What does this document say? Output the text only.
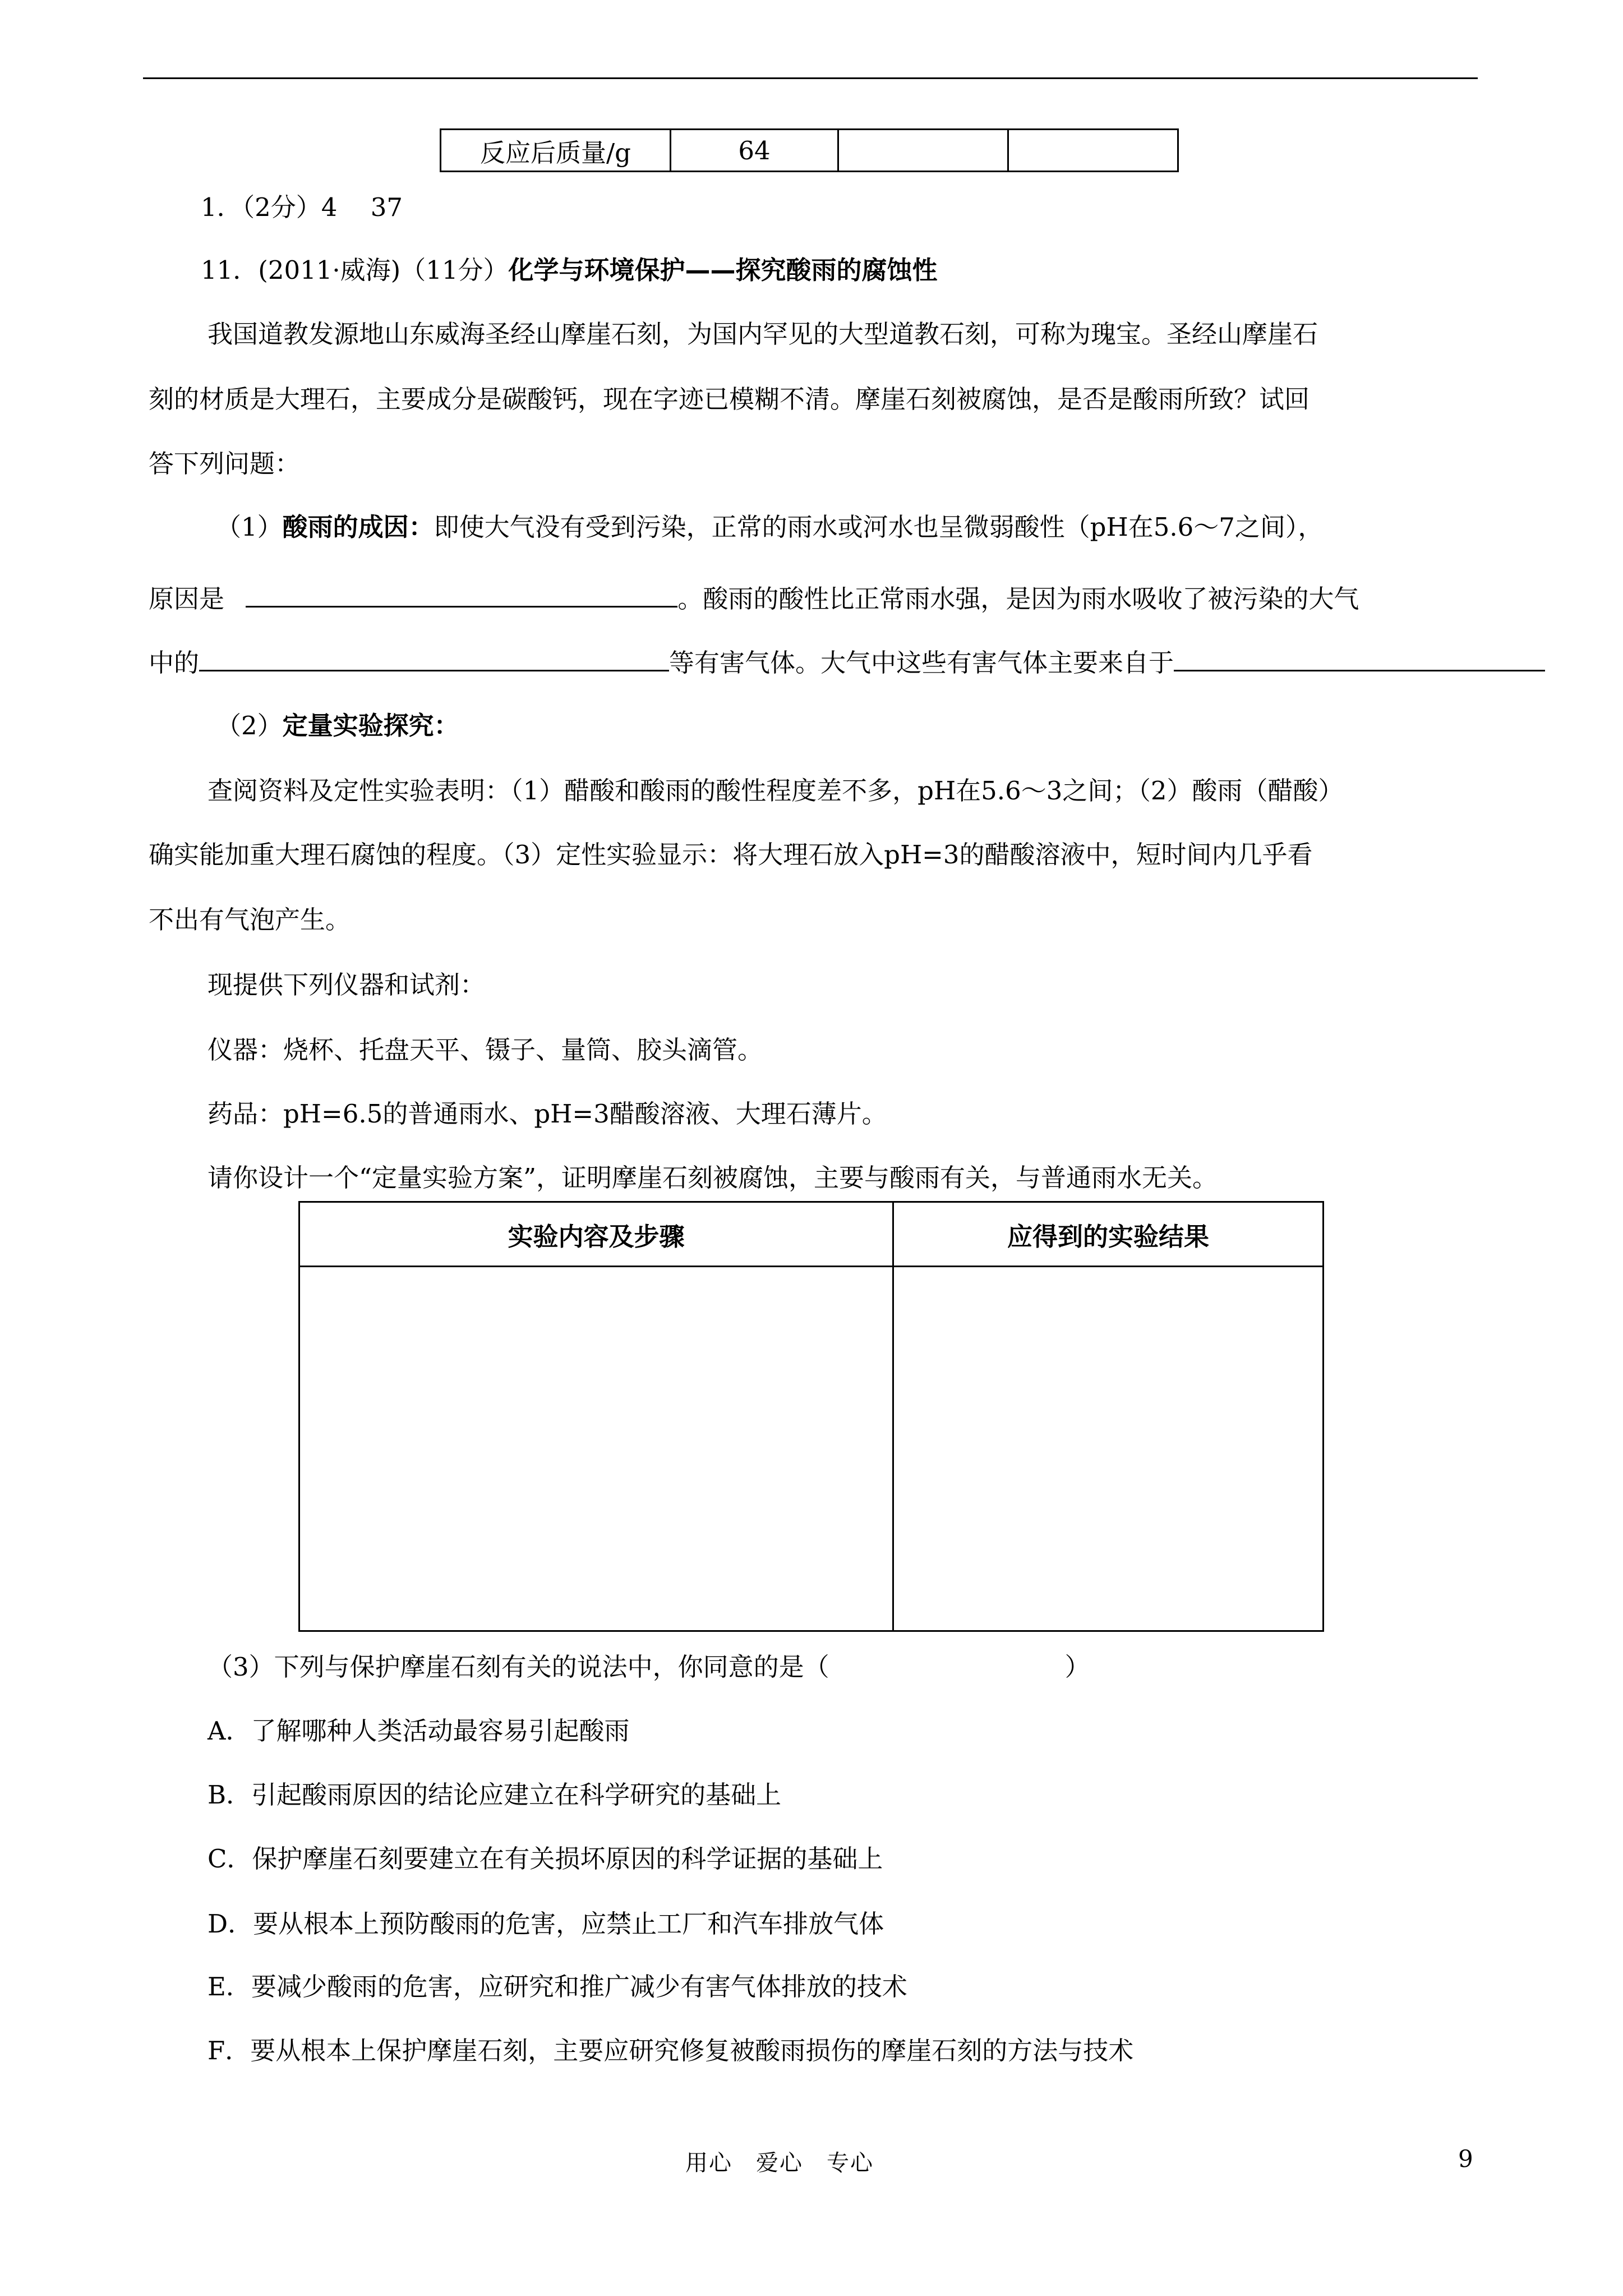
反应后质量/g	64		
1．（2分）4　 37
11．(2011·威海)（11分）化学与环境保护——探究酸雨的腐蚀性
我国道教发源地山东威海圣经山摩崖石刻，为国内罕见的大型道教石刻，可称为瑰宝。圣经山摩崖石
刻的材质是大理石，主要成分是碳酸钙，现在字迹已模糊不清。摩崖石刻被腐蚀，是否是酸雨所致？试回
答下列问题：
（1）酸雨的成因：即使大气没有受到污染，正常的雨水或河水也呈微弱酸性（pH在5.6～7之间），
原因是	。酸雨的酸性比正常雨水强，是因为雨水吸收了被污染的大气
中的	等有害气体。大气中这些有害气体主要来自于
（2）定量实验探究：
查阅资料及定性实验表明：（1）醋酸和酸雨的酸性程度差不多，pH在5.6～3之间；（2）酸雨（醋酸）
确实能加重大理石腐蚀的程度。（3）定性实验显示：将大理石放入pH=3的醋酸溶液中，短时间内几乎看
不出有气泡产生。
现提供下列仪器和试剂：
仪器：烧杯、托盘天平、镊子、量筒、胶头滴管。
药品：pH=6.5的普通雨水、pH=3醋酸溶液、大理石薄片。
请你设计一个“定量实验方案”，证明摩崖石刻被腐蚀，主要与酸雨有关，与普通雨水无关。
实验内容及步骤	应得到的实验结果

（3）下列与保护摩崖石刻有关的说法中，你同意的是（	）
A．了解哪种人类活动最容易引起酸雨
B．引起酸雨原因的结论应建立在科学研究的基础上
C．保护摩崖石刻要建立在有关损坏原因的科学证据的基础上
D．要从根本上预防酸雨的危害，应禁止工厂和汽车排放气体
E．要减少酸雨的危害，应研究和推广减少有害气体排放的技术
F．要从根本上保护摩崖石刻，主要应研究修复被酸雨损伤的摩崖石刻的方法与技术
用心　爱心　专心	9
